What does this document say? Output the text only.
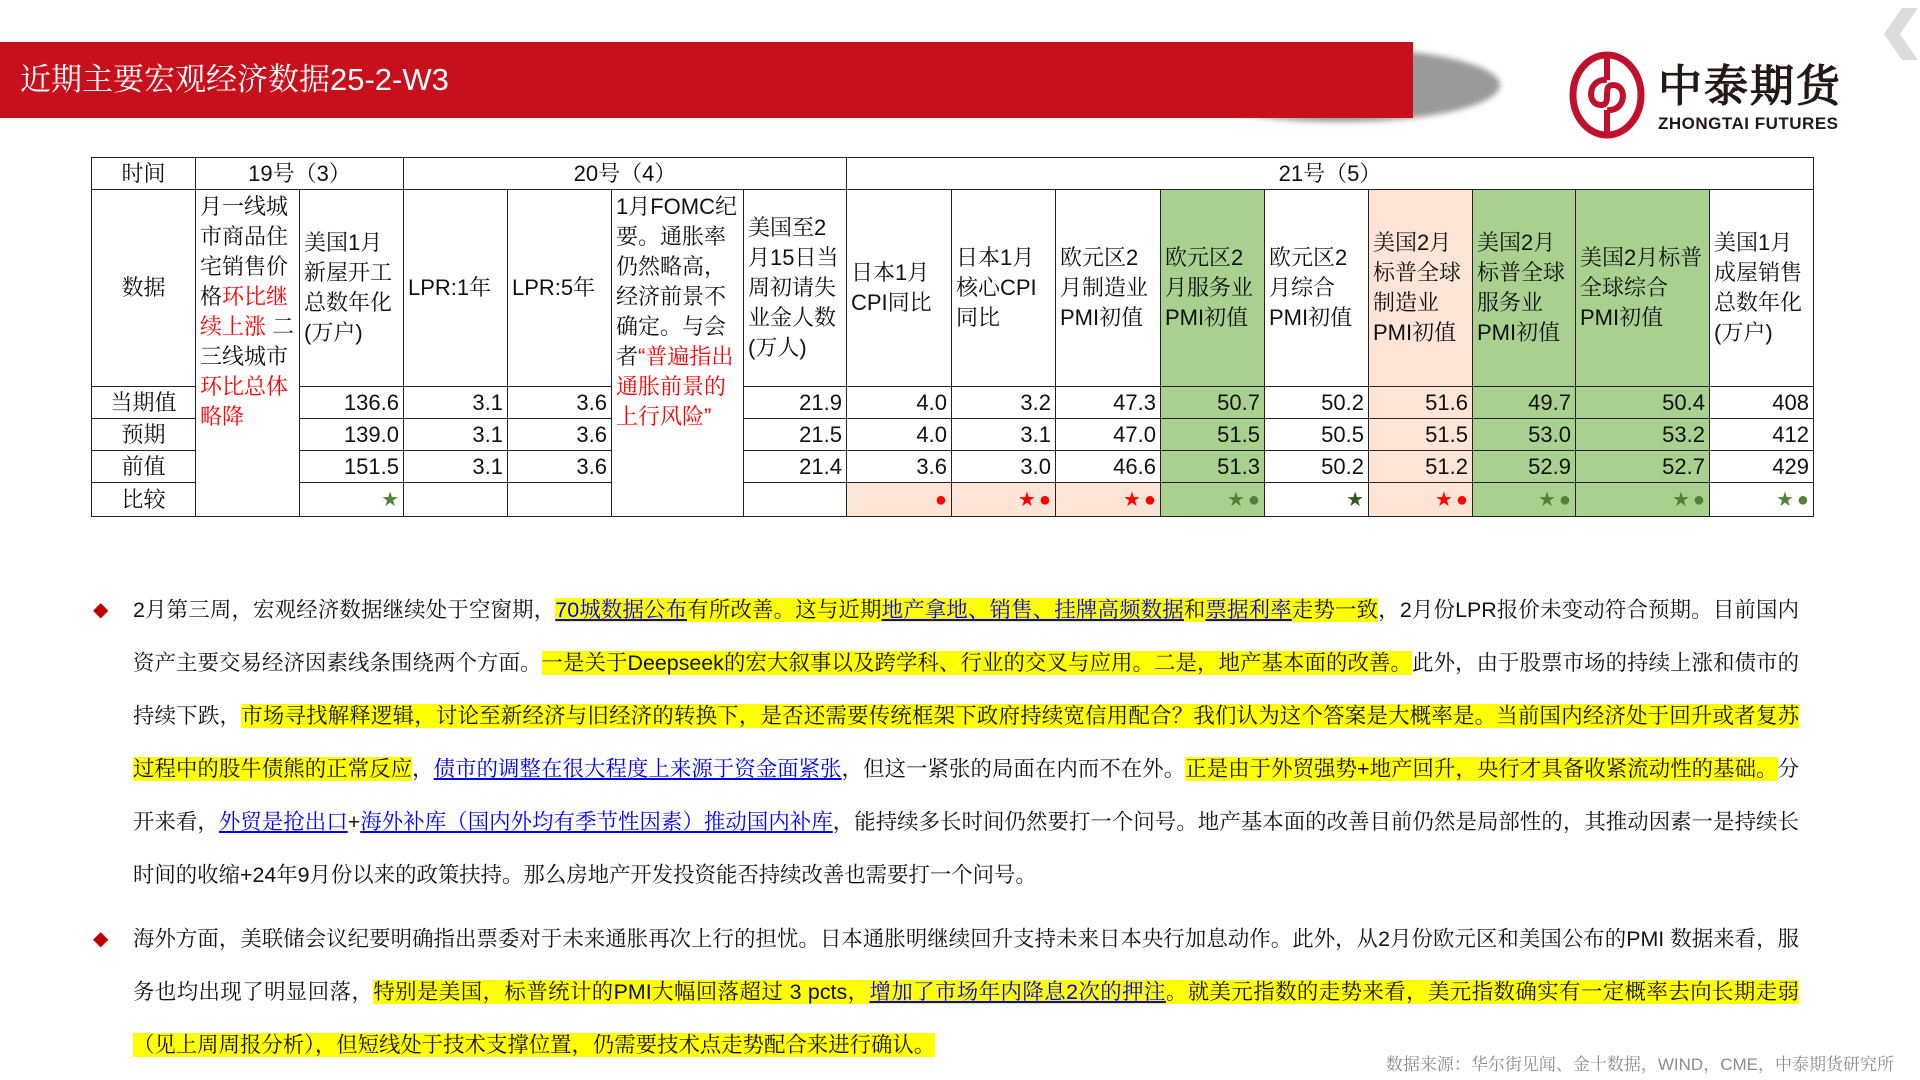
近期主要宏观经济数据25-2-W3	中泰期货
ZHONGTAI FUTURES
时间	19号（3）		20号（4）				21号（5）								
数据	月一线城市商品住宅销售价格环比继续上涨 二三线城市环比总体略降	美国1月新屋开工总数年化(万户)	LPR:1年	LPR:5年	1月FOMC纪要。通胀率仍然略高，经济前景不确定。与会者“普遍指出通胀前景的上行风险”	美国至2月15日当周初请失业金人数(万人)	日本1月CPI同比	日本1月核心CPI同比	欧元区2月制造业PMI初值	欧元区2月服务业PMI初值	欧元区2月综合PMI初值	美国2月标普全球制造业PMI初值	美国2月标普全球服务业PMI初值	美国2月标普全球综合PMI初值	美国1月成屋销售总数年化(万户)
当期值		136.6	3.1	3.6		21.9	4.0	3.2	47.3	50.7	50.2	51.6	49.7	50.4	408
预期		139.0	3.1	3.6		21.5	4.0	3.1	47.0	51.5	50.5	51.5	53.0	53.2	412
前值		151.5	3.1	3.6		21.4	3.6	3.0	46.6	51.3	50.2	51.2	52.9	52.7	429
比较		★					●	★ ●	★ ●	★ ●	★	★ ●	★ ●	★ ●	★ ●
◆ 2月第三周，宏观经济数据继续处于空窗期，70城数据公布有所改善。这与近期地产拿地、销售、挂牌高频数据和票据利率走势一致，2月份LPR报价未变动符合预期。目前国内资产主要交易经济因素线条围绕两个方面。一是关于Deepseek的宏大叙事以及跨学科、行业的交叉与应用。二是，地产基本面的改善。此外，由于股票市场的持续上涨和债市的持续下跌，市场寻找解释逻辑，讨论至新经济与旧经济的转换下，是否还需要传统框架下政府持续宽信用配合？我们认为这个答案是大概率是。当前国内经济处于回升或者复苏过程中的股牛债熊的正常反应，债市的调整在很大程度上来源于资金面紧张，但这一紧张的局面在内而不在外。正是由于外贸强势+地产回升，央行才具备收紧流动性的基础。分开来看，外贸是抢出口+海外补库（国内外均有季节性因素）推动国内补库，能持续多长时间仍然要打一个问号。地产基本面的改善目前仍然是局部性的，其推动因素一是持续长时间的收缩+24年9月份以来的政策扶持。那么房地产开发投资能否持续改善也需要打一个问号。
◆ 海外方面，美联储会议纪要明确指出票委对于未来通胀再次上行的担忧。日本通胀明继续回升支持未来日本央行加息动作。此外，从2月份欧元区和美国公布的PMI 数据来看，服务也均出现了明显回落，特别是美国，标普统计的PMI大幅回落超过 3 pcts，增加了市场年内降息2次的押注。就美元指数的走势来看，美元指数确实有一定概率去向长期走弱（见上周周报分析），但短线处于技术支撑位置，仍需要技术点走势配合来进行确认。
数据来源：华尔街见闻、金十数据，WIND，CME，中泰期货研究所
